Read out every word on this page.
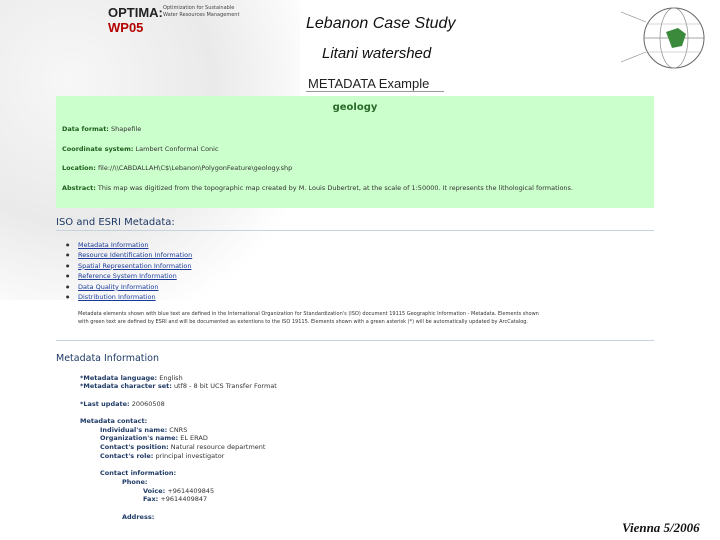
OPTIMA:
WP05
Optimization for Sustainable
Water Resources Management	Lebanon Case Study
Litani watershed
METADATA Example
geology
Data format: Shapefile
Coordinate system: Lambert Conformal Conic
Location: file://\\CABDALLAH\C$\Lebanon\PolygonFeature\geology.shp
Abstract: This map was digitized from the topographic map created by M. Louis Dubertret, at the scale of 1:50000. It represents the lithological formations.
ISO and ESRI Metadata:
● Metadata Information
● Resource Identification Information
● Spatial Representation Information
● Reference System Information
● Data Quality Information
● Distribution Information
Metadata elements shown with blue text are defined in the International Organization for Standardization's (ISO) document 19115 Geographic Information - Metadata. Elements shown
with green text are defined by ESRI and will be documented as extentions to the ISO 19115. Elements shown with a green asterisk (*) will be automatically updated by ArcCatalog.
Metadata Information
*Metadata language: English
*Metadata character set: utf8 - 8 bit UCS Transfer Format
*Last update: 20060508
Metadata contact:
Individual's name: CNRS
Organization's name: EL ERAD
Contact's position: Natural resource department
Contact's role: principal investigator
Contact information:
Phone:
Voice: +9614409845
Fax: +9614409847
Address:
Vienna 5/2006
